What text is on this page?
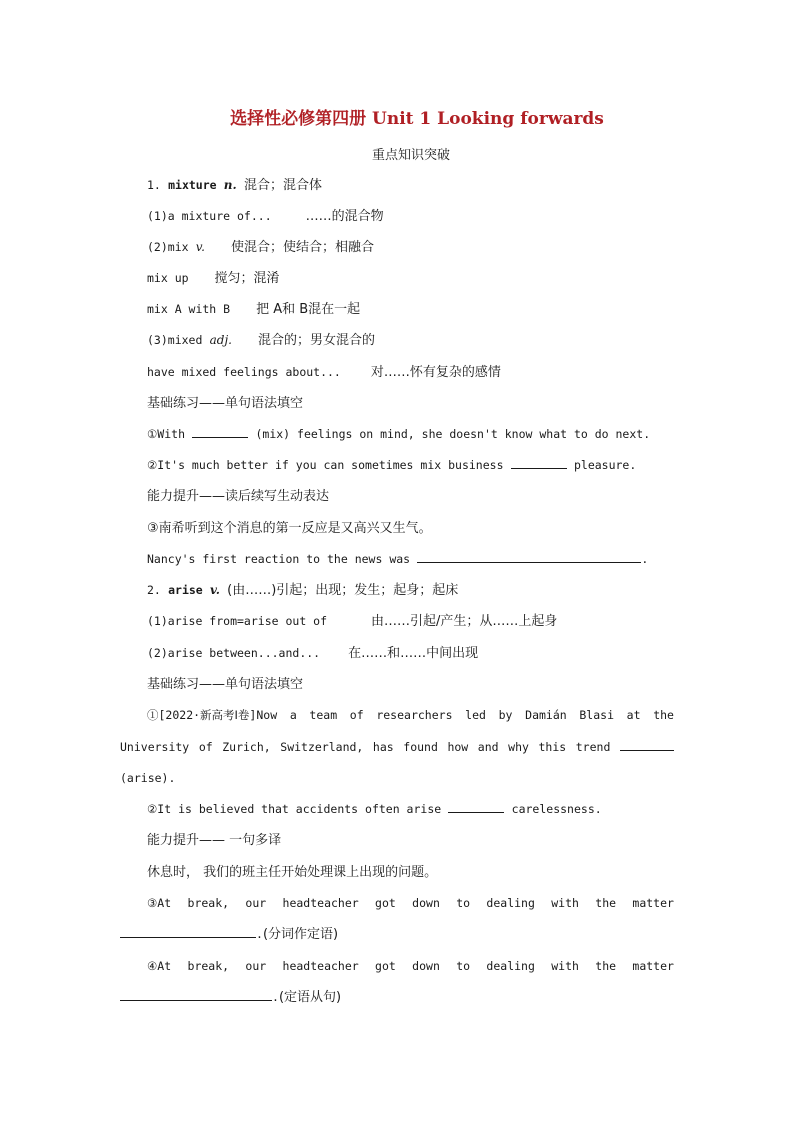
选择性必修第四册 Unit 1 Looking forwards
重点知识突破
1. mixture n. 混合；混合体
(1)a mixture of...	……的混合物
(2)mix v. 使混合；使结合；相融合
mix up 搅匀；混淆
mix A with B 把 A和 B混在一起
(3)mixed adj. 混合的；男女混合的
have mixed feelings about... 对……怀有复杂的感情
基础练习——单句语法填空
①With	(mix) feelings on mind, she doesn't know what to do next.
②It's much better if you can sometimes mix business	pleasure.
能力提升——读后续写生动表达
③南希听到这个消息的第一反应是又高兴又生气。
Nancy's first reaction to the news was	.
2. arise v. (由……)引起；出现；发生；起身；起床
(1)arise from=arise out of	由……引起/产生；从……上起身
(2)arise between...and... 在……和……中间出现
基础练习——单句语法填空
①[2022·新高考Ⅰ卷]Now a team of researchers led by Damián Blasi at the
University of Zurich, Switzerland, has found how and why this trend
(arise).
②It is believed that accidents often arise	carelessness.
能力提升—— 一句多译
休息时， 我们的班主任开始处理课上出现的问题。
③At break, our headteacher got down to dealing with the matter
.(分词作定语)
④At break, our headteacher got down to dealing with the matter
.(定语从句)
